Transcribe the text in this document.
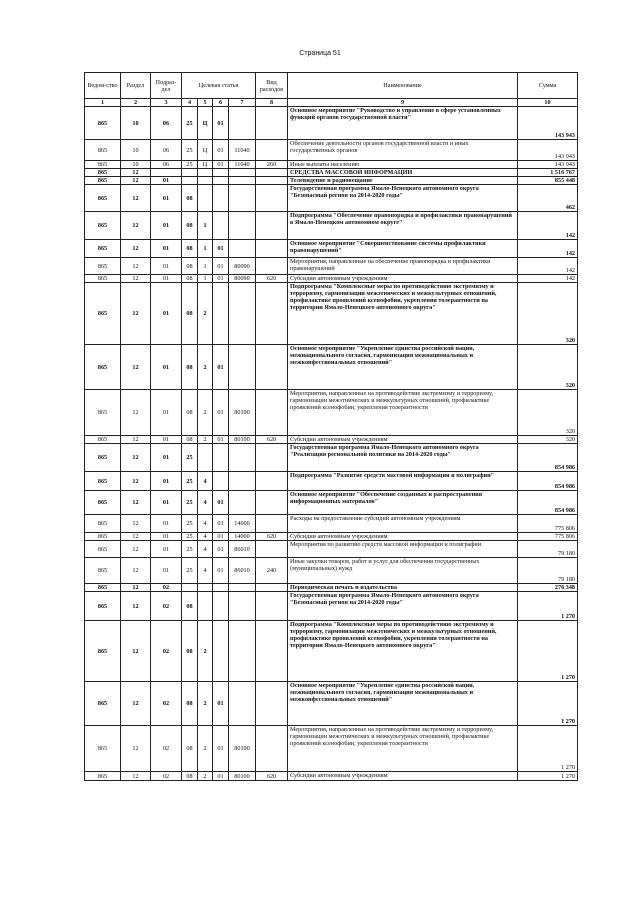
Страница 51
Ведом-ство	Раздел	Подраз-дел	Целевая статья				Вид расходов	Наименование	Сумма
1	2	3	4	5	6	7	8	9	10
865	10	06	25	Ц	01			Основное мероприятие "Руководство и управление в сфере установленных функций органов государственной власти"	143 943
865	10	06	25	Ц	01	11040		Обеспечение деятельности органов государственной власти и иных государственных органов	143 943
865	10	06	25	Ц	01	11040	260	Иные выплаты населению	143 943
865	12							СРЕДСТВА МАССОВОЙ ИНФОРМАЦИИ	1 516 767
865	12	01						Телевидение и радиовещание	855 448
865	12	01	08					Государственная программа Ямало-Ненецкого автономного округа "Безопасный регион на 2014-2020 годы"	462
865	12	01	08	1				Подпрограмма "Обеспечение правопорядка и профилактики правонарушений в Ямало-Ненецком автономном округе"	142
865	12	01	08	1	01			Основное мероприятие "Совершенствование системы профилактики правонарушений"	142
865	12	01	08	1	01	80090		Мероприятия, направленные на обеспечение правопорядка и профилактики правонарушений	142
865	12	01	08	1	01	80090	620	Субсидии автономным учреждениям	142
865	12	01	08	2				Подпрограмма "Комплексные меры по противодействию экстремизму и терроризму, гармонизации межэтнических и межкультурных отношений, профилактике проявлений ксенофобии, укрепления толерантности на территории Ямало-Ненецкого автономного округа"	320
865	12	01	08	2	01			Основное мероприятие "Укрепление единства российской нации, межнационального согласия, гармонизация межнациональных и межконфессиональных отношений"	320
865	12	01	08	2	01	80100		Мероприятия, направленные на противодействие экстремизму и терроризму, гармонизации межэтнических и межкультурных отношений, профилактике проявлений ксенофобии, укрепления толерантности	320
865	12	01	08	2	01	80100	620	Субсидии автономным учреждениям	320
865	12	01	25					Государственная программа Ямало-Ненецкого автономного округа "Реализация региональной политики на 2014-2020 годы"	854 986
865	12	01	25	4				Подпрограмма "Развитие средств массовой информации и полиграфии"	854 986
865	12	01	25	4	01			Основное мероприятие "Обеспечение созданных и распространения информационных материалов"	854 986
865	12	01	25	4	01	14000		Расходы на предоставление субсидий автономным учреждениям	775 806
865	12	01	25	4	01	14000	620	Субсидии автономным учреждениям	775 806
865	12	01	25	4	01	86010		Мероприятия по развитию средств массовой информации и полиграфии	79 180
865	12	01	25	4	01	86010	240	Иные закупки товаров, работ и услуг для обеспечения государственных (муниципальных) нужд	79 180
865	12	02						Периодическая печать и издательства	276 348
865	12	02	08					Государственная программа Ямало-Ненецкого автономного округа "Безопасный регион на 2014-2020 годы"	1 270
865	12	02	08	2				Подпрограмма "Комплексные меры по противодействию экстремизму и терроризму, гармонизации межэтнических и межкультурных отношений, профилактике проявлений ксенофобии, укрепления толерантности на территории Ямало-Ненецкого автономного округа"	1 270
865	12	02	08	2	01			Основное мероприятие "Укрепление единства российской нации, межнационального согласия, гармонизация межнациональных и межконфессиональных отношений"	1 270
865	12	02	08	2	01	80100		Мероприятия, направленные на противодействие экстремизму и терроризму, гармонизации межэтнических и межкультурных отношений, профилактике проявлений ксенофобии, укрепления толерантности	1 270
865	12	02	08	2	01	80100	620	Субсидии автономным учреждениям	1 270
